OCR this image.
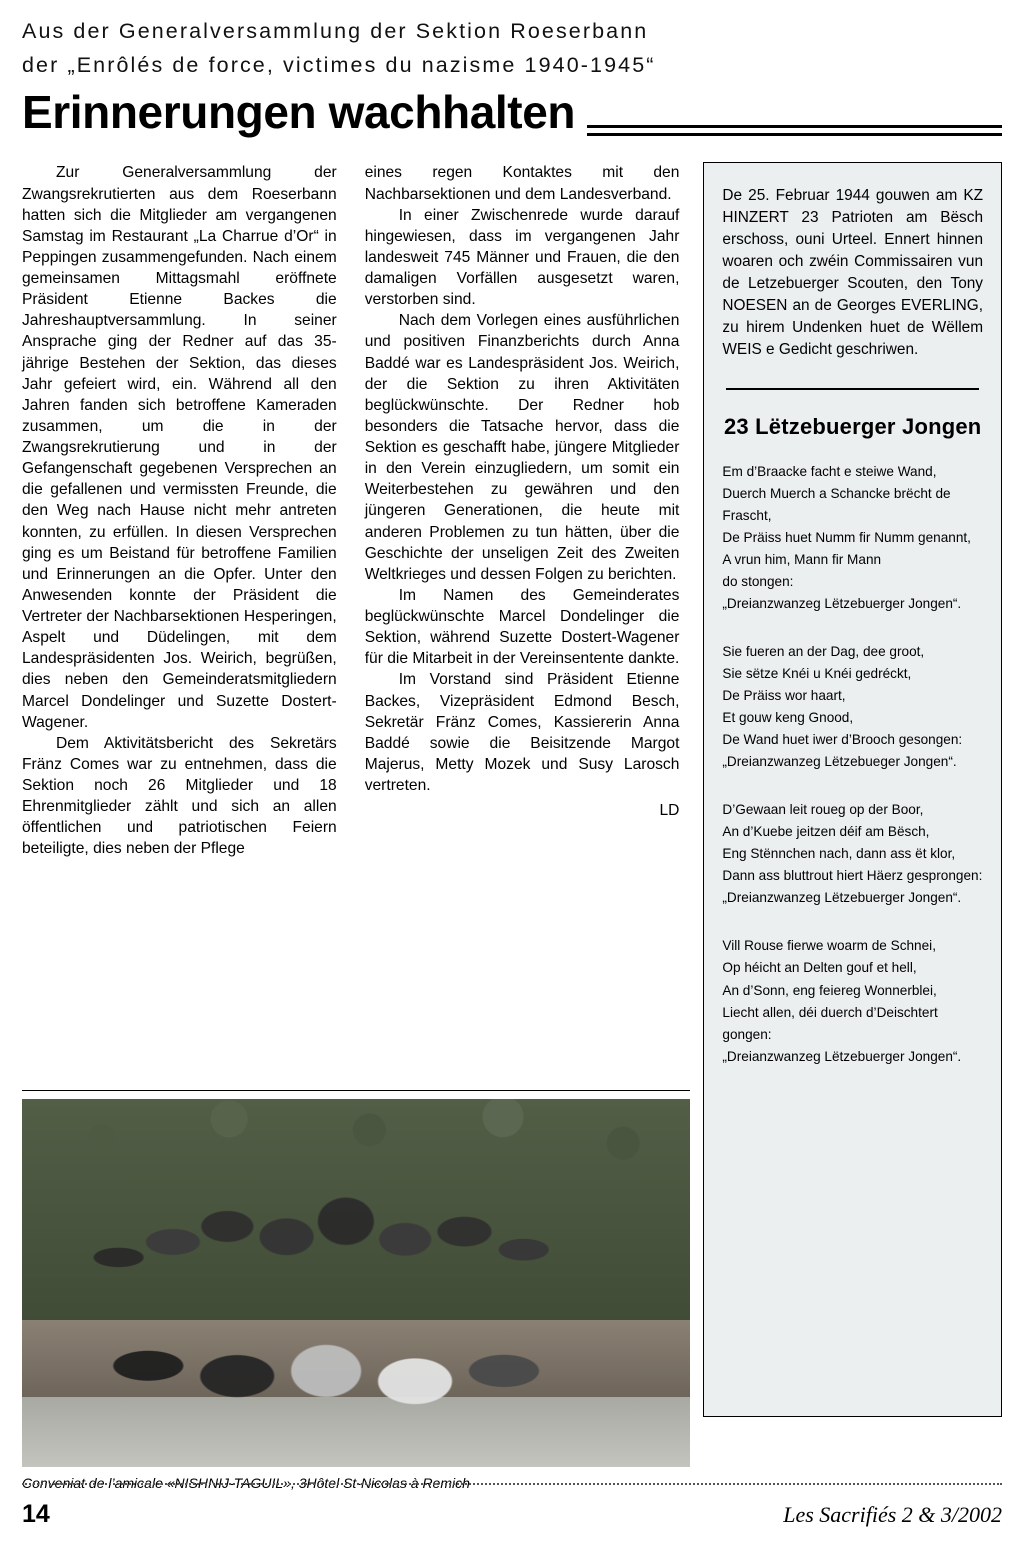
Aus der Generalversammlung der Sektion Roeserbann
der „Enrôlés de force, victimes du nazisme 1940-1945“
Erinnerungen wachhalten

Zur Generalversammlung der Zwangsrekrutierten aus dem Roeserbann hatten sich die Mitglieder am vergangenen Samstag im Restaurant „La Charrue d’Or“ in Peppingen zusammengefunden. Nach einem gemeinsamen Mittagsmahl eröffnete Präsident Etienne Backes die Jahreshauptversammlung. In seiner Ansprache ging der Redner auf das 35-jährige Bestehen der Sektion, das dieses Jahr gefeiert wird, ein. Während all den Jahren fanden sich betroffene Kameraden zusammen, um die in der Zwangsrekrutierung und in der Gefangenschaft gegebenen Versprechen an die gefallenen und vermissten Freunde, die den Weg nach Hause nicht mehr antreten konnten, zu erfüllen. In diesen Versprechen ging es um Beistand für betroffene Familien und Erinnerungen an die Opfer. Unter den Anwesenden konnte der Präsident die Vertreter der Nachbarsektionen Hesperingen, Aspelt und Düdelingen, mit dem Landespräsidenten Jos. Weirich, begrüßen, dies neben den Gemeinderatsmitgliedern Marcel Dondelinger und Suzette Dostert-Wagener.

Dem Aktivitätsbericht des Sekretärs Fränz Comes war zu entnehmen, dass die Sektion noch 26 Mitglieder und 18 Ehrenmitglieder zählt und sich an allen öffentlichen und patriotischen Feiern beteiligte, dies neben der Pflege

eines regen Kontaktes mit den Nachbarsektionen und dem Landesverband.

In einer Zwischenrede wurde darauf hingewiesen, dass im vergangenen Jahr landesweit 745 Männer und Frauen, die den damaligen Vorfällen ausgesetzt waren, verstorben sind.

Nach dem Vorlegen eines ausführlichen und positiven Finanzberichts durch Anna Baddé war es Landespräsident Jos. Weirich, der die Sektion zu ihren Aktivitäten beglückwünschte. Der Redner hob besonders die Tatsache hervor, dass die Sektion es geschafft habe, jüngere Mitglieder in den Verein einzugliedern, um somit ein Weiterbestehen zu gewähren und den jüngeren Generationen, die heute mit anderen Problemen zu tun hätten, über die Geschichte der unseligen Zeit des Zweiten Weltkrieges und dessen Folgen zu berichten.

Im Namen des Gemeinderates beglückwünschte Marcel Dondelinger die Sektion, während Suzette Dostert-Wagener für die Mitarbeit in der Vereinsentente dankte.

Im Vorstand sind Präsident Etienne Backes, Vizepräsident Edmond Besch, Sekretär Fränz Comes, Kassiererin Anna Baddé sowie die Beisitzende Margot Majerus, Metty Mozek und Susy Larosch vertreten.

LD
De 25. Februar 1944 gouwen am KZ HINZERT 23 Patrioten am Bësch erschoss, ouni Urteel. Ennert hinnen woaren och zwéin Commissairen vun de Letzebuerger Scouten, den Tony NOESEN an de Georges EVERLING, zu hirem Undenken huet de Wëllem WEIS e Gedicht geschriwen.
23 Lëtzebuerger Jongen
Em d’Braacke facht e steiwe Wand,
Duerch Muerch a Schancke brëcht de Frascht,
De Präiss huet Numm fir Numm genannt,
A vrun him, Mann fir Mann
do stongen:
„Dreianzwanzeg Lëtzebuerger Jongen“.
Sie fueren an der Dag, dee groot,
Sie sëtze Knéi u Knéi gedréckt,
De Präiss wor haart,
Et gouw keng Gnood,
De Wand huet iwer d’Brooch gesongen:
„Dreianzwanzeg Lëtzebueger Jongen“.
D’Gewaan leit roueg op der Boor,
An d’Kuebe jeitzen déif am Bësch,
Eng Stënnchen nach, dann ass ët klor,
Dann ass bluttrout hiert Häerz gesprongen:
„Dreianzwanzeg Lëtzebuerger Jongen“.
Vill Rouse fierwe woarm de Schnei,
Op héicht an Delten gouf et hell,
An d’Sonn, eng feiereg Wonnerblei,
Liecht allen, déi duerch d’Deischtert gongen:
„Dreianzwanzeg Lëtzebuerger Jongen“.
Conveniat de l’amicale «NISHNIJ-TAGUIL», 3Hôtel St-Nicolas à Remich
14	Les Sacrifiés 2 & 3/2002
